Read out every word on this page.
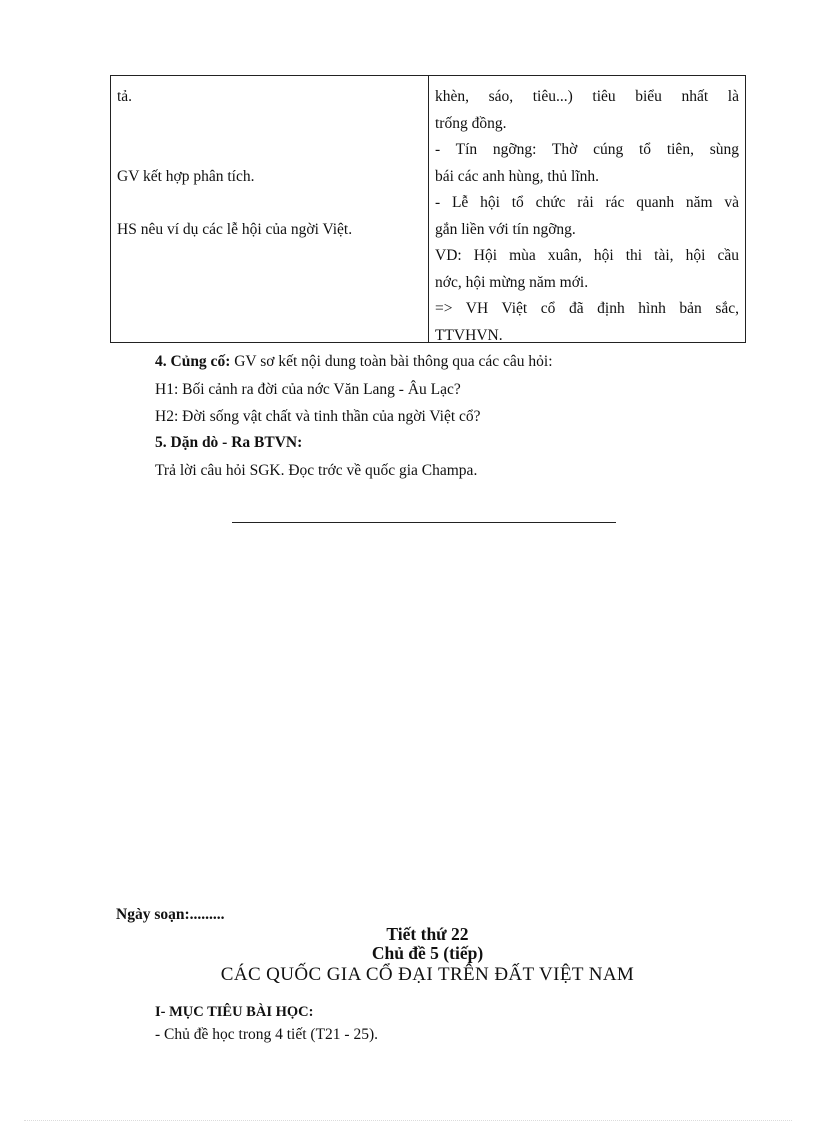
tả.
GV kết hợp phân tích.
HS nêu ví dụ các lễ hội của ngời Việt.
khèn, sáo, tiêu...) tiêu biểu nhất là
trống đồng.
- Tín ngỡng: Thờ cúng tổ tiên, sùng
bái các anh hùng, thủ lĩnh.
- Lễ hội tổ chức rải rác quanh năm và
gắn liền với tín ngỡng.
VD: Hội mùa xuân, hội thi tài, hội cầu
nớc, hội mừng năm mới.
=> VH Việt cổ đã định hình bản sắc,
TTVHVN.
4. Củng cố: GV sơ kết nội dung toàn bài thông qua các câu hỏi:
H1: Bối cảnh ra đời của nớc Văn Lang - Âu Lạc?
H2: Đời sống vật chất và tinh thần của ngời Việt cổ?
5. Dặn dò - Ra BTVN:
Trả lời câu hỏi SGK. Đọc trớc về quốc gia Champa.
Ngày soạn:.........
Tiết thứ 22
Chủ đề 5 (tiếp)
CÁC QUỐC GIA CỔ ĐẠI TRÊN ĐẤT VIỆT NAM
I- MỤC TIÊU BÀI HỌC:
- Chủ đề học trong 4 tiết (T21 - 25).
